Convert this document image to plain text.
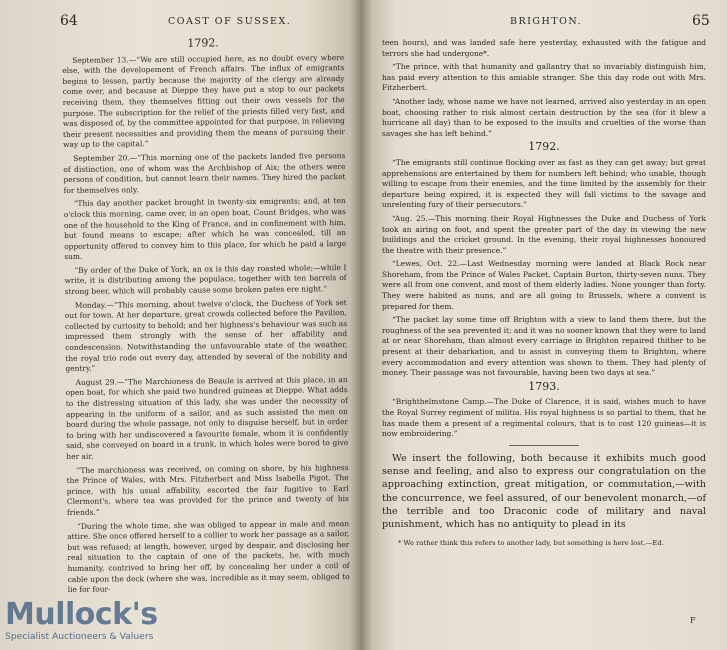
64	COAST OF SUSSEX.
1792.

September 13.—“We are still occupied here, as no doubt every where else, with the developement of French affairs. The influx of emigrants begins to lessen, partly because the majority of the clergy are already come over, and because at Dieppe they have put a stop to our packets receiving them, they themselves fitting out their own vessels for the purpose. The subscription for the relief of the priests filled very fast, and was disposed of, by the committee appointed for that purpose, in relieving their present necessities and providing them the means of pursuing their way up to the capital.”

September 20.—“This morning one of the packets landed five persons of distinction, one of whom was the Archbishop of Aix; the others were persons of condition, but cannot learn their names. They hired the packet for themselves only.

“This day another packet brought in twenty-six emigrants; and, at ten o'clock this morning, came over, in an open boat, Count Bridges, who was one of the household to the King of France, and in confinement with him, but found means to escape; after which he was concealed, till an opportunity offered to convey him to this place, for which he paid a large sum.

“By order of the Duke of York, an ox is this day roasted whole;—while I write, it is distributing among the populace, together with ten barrels of strong beer, which will probably cause some broken pates ere night.”

Monday.—“This morning, about twelve o'clock, the Duchess of York set out for town. At her departure, great crowds collected before the Pavilion, collected by curiosity to behold; and her highness's behaviour was such as impressed them strongly with the sense of her affability and condescension. Notwithstanding the unfavourable state of the weather, the royal trio rode out every day, attended by several of the nobility and gentry.”

August 29.—“The Marchioness de Beaule is arrived at this place, in an open boat, for which she paid two hundred guineas at Dieppe. What adds to the distressing situation of this lady, she was under the necessity of appearing in the uniform of a sailor, and as such assisted the men on board during the whole passage, not only to disguise herself, but in order to bring with her undiscovered a favourite female, whom it is confidently said, she conveyed on board in a trunk, in which holes were bored to give her air.

“The marchioness was received, on coming on shore, by his highness the Prince of Wales, with Mrs. Fitzherbert and Miss Isabella Pigot. The prince, with his usual affability, escorted the fair fugitive to Earl Clermont's, where tea was provided for the prince and twenty of his friends.”

“During the whole time, she was obliged to appear in male and mean attire. She once offered herself to a collier to work her passage as a sailor, but was refused; at length, however, urged by despair, and disclosing her real situation to the captain of one of the packets, he, with much humanity, contrived to bring her off, by concealing her under a coil of cable upon the deck (where she was, incredible as it may seem, obliged to lie for four-

BRIGHTON.	65

teen hours), and was landed safe here yesterday, exhausted with the fatigue and terrors she had undergone*.

“The prince, with that humanity and gallantry that so invariably distinguish him, has paid every attention to this amiable stranger. She this day rode out with Mrs. Fitzherbert.

“Another lady, whose name we have not learned, arrived also yesterday in an open boat, choosing rather to risk almost certain destruction by the sea (for it blew a hurricane all day) than to be exposed to the insults and cruelties of the worse than savages she has left behind.”

1792.

“The emigrants still continue flocking over as fast as they can get away; but great apprehensions are entertained by them for numbers left behind; who unable, though willing to escape from their enemies, and the time limited by the assembly for their departure being expired, it is expected they will fall victims to the savage and unrelenting fury of their persecutors.”

“Aug. 25.—This morning their Royal Highnesses the Duke and Duchess of York took an airing on foot, and spent the greater part of the day in viewing the new buildings and the cricket ground. In the evening, their royal highnesses honoured the theatre with their presence.”

“Lewes, Oct. 22.—Last Wednesday morning were landed at Black Rock near Shoreham, from the Prince of Wales Packet, Captain Burton, thirty-seven nuns. They were all from one convent, and most of them elderly ladies. None younger than forty. They were habited as nuns, and are all going to Brussels, where a convent is prepared for them.

“The packet lay some time off Brighton with a view to land them there, but the roughness of the sea prevented it; and it was no sooner known that they were to land at or near Shoreham, than almost every carriage in Brighton repaired thither to be present at their debarkation, and to assist in conveying them to Brighton, where every accommodation and every attention was shown to them. They had plenty of money. Their passage was not favourable, having been two days at sea.”

1793.

“Brighthelmstone Camp.—The Duke of Clarence, it is said, wishes much to have the Royal Surrey regiment of militia. His royal highness is so partial to them, that he has made them a present of a regimental colours, that is to cost 120 guineas—it is now embroidering.”

We insert the following, both because it exhibits much good sense and feeling, and also to express our congratulation on the approaching extinction, great mitigation, or commutation,—with the concurrence, we feel assured, of our benevolent monarch,—of the terrible and too Draconic code of military and naval punishment, which has no antiquity to plead in its

* We rather think this refers to another lady, but something is here lost.—Ed.
F
Mullock's
Specialist Auctioneers & Valuers
